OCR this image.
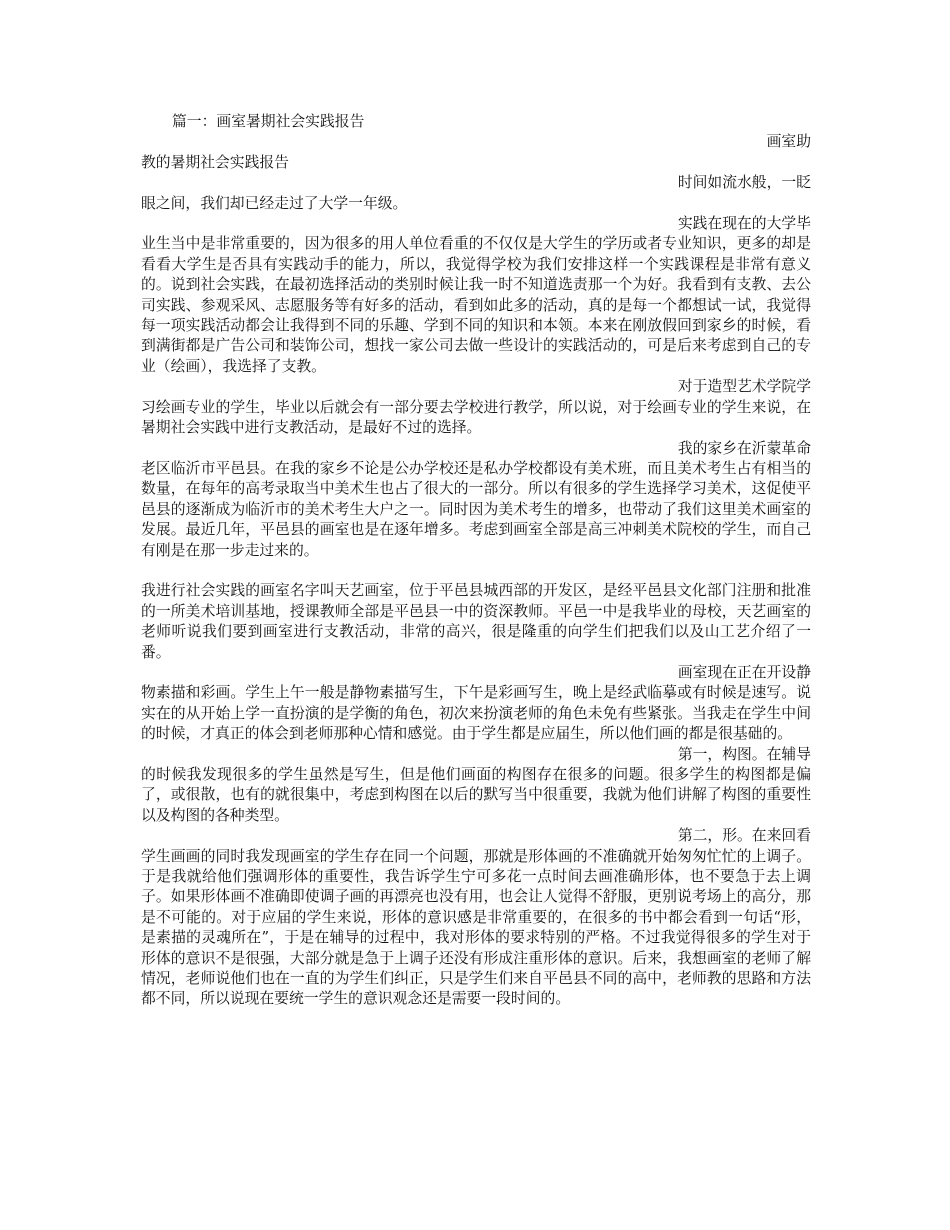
篇一：画室暑期社会实践报告
画室助
教的暑期社会实践报告
时间如流水般，一眨

眼之间，我们却已经走过了大学一年级。

实践在现在的大学毕

业生当中是非常重要的，因为很多的用人单位看重的不仅仅是大学生的学历或者专业知识，更多的却是看看大学生是否具有实践动手的能力，所以，我觉得学校为我们安排这样一个实践课程是非常有意义的。说到社会实践，在最初选择活动的类别时候让我一时不知道选责那一个为好。我看到有支教、去公司实践、参观采风、志愿服务等有好多的活动，看到如此多的活动，真的是每一个都想试一试，我觉得每一项实践活动都会让我得到不同的乐趣、学到不同的知识和本领。本来在刚放假回到家乡的时候，看到满街都是广告公司和装饰公司，想找一家公司去做一些设计的实践活动的，可是后来考虑到自己的专业（绘画），我选择了支教。

对于造型艺术学院学

习绘画专业的学生，毕业以后就会有一部分要去学校进行教学，所以说，对于绘画专业的学生来说，在暑期社会实践中进行支教活动，是最好不过的选择。

我的家乡在沂蒙革命

老区临沂市平邑县。在我的家乡不论是公办学校还是私办学校都设有美术班，而且美术考生占有相当的数量，在每年的高考录取当中美术生也占了很大的一部分。所以有很多的学生选择学习美术，这促使平邑县的逐渐成为临沂市的美术考生大户之一。同时因为美术考生的增多，也带动了我们这里美术画室的发展。最近几年，平邑县的画室也是在逐年增多。考虑到画室全部是高三冲刺美术院校的学生，而自己有刚是在那一步走过来的。

我进行社会实践的画室名字叫天艺画室，位于平邑县城西部的开发区，是经平邑县文化部门注册和批准的一所美术培训基地，授课教师全部是平邑县一中的资深教师。平邑一中是我毕业的母校，天艺画室的老师听说我们要到画室进行支教活动，非常的高兴，很是隆重的向学生们把我们以及山工艺介绍了一番。

画室现在正在开设静

物素描和彩画。学生上午一般是静物素描写生，下午是彩画写生，晚上是经武临摹或有时候是速写。说实在的从开始上学一直扮演的是学衡的角色，初次来扮演老师的角色未免有些紧张。当我走在学生中间的时候，才真正的体会到老师那种心情和感觉。由于学生都是应届生，所以他们画的都是很基础的。

第一，构图。在辅导

的时候我发现很多的学生虽然是写生，但是他们画面的构图存在很多的问题。很多学生的构图都是偏了，或很散，也有的就很集中，考虑到构图在以后的默写当中很重要，我就为他们讲解了构图的重要性以及构图的各种类型。

第二，形。在来回看

学生画画的同时我发现画室的学生存在同一个问题，那就是形体画的不准确就开始匆匆忙忙的上调子。于是我就给他们强调形体的重要性，我告诉学生宁可多花一点时间去画准确形体，也不要急于去上调子。如果形体画不准确即使调子画的再漂亮也没有用，也会让人觉得不舒服，更别说考场上的高分，那是不可能的。对于应届的学生来说，形体的意识感是非常重要的，在很多的书中都会看到一句话“形，是素描的灵魂所在”，于是在辅导的过程中，我对形体的要求特别的严格。不过我觉得很多的学生对于形体的意识不是很强，大部分就是急于上调子还没有形成注重形体的意识。后来，我想画室的老师了解情况，老师说他们也在一直的为学生们纠正，只是学生们来自平邑县不同的高中，老师教的思路和方法都不同，所以说现在要统一学生的意识观念还是需要一段时间的。
